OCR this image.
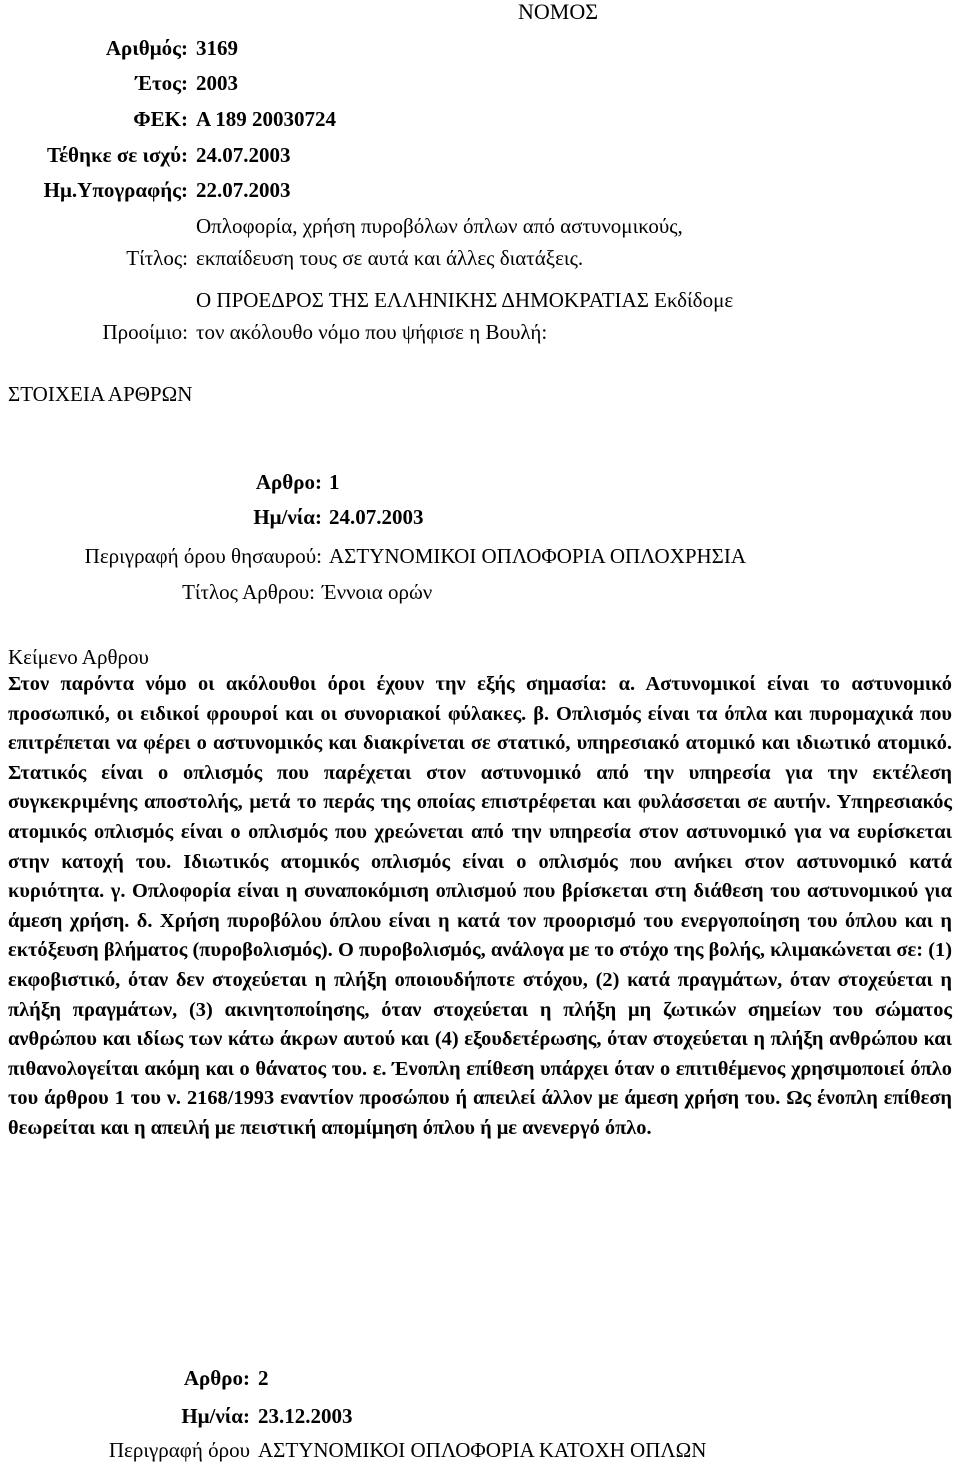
ΝΟΜΟΣ
Αριθμός: 3169
Έτος: 2003
ΦΕΚ: A 189 20030724
Τέθηκε σε ισχύ: 24.07.2003
Ημ.Υπογραφής: 22.07.2003
Οπλοφορία, χρήση πυροβόλων όπλων από αστυνομικούς,
Τίτλος: εκπαίδευση τους σε αυτά και άλλες διατάξεις.
Ο ΠΡΟΕΔΡΟΣ ΤΗΣ ΕΛΛΗΝΙΚΗΣ ΔΗΜΟΚΡΑΤΙΑΣ Εκδίδομε
Προοίμιο: τον ακόλουθο νόμο που ψήφισε η Βουλή:
ΣΤΟΙΧΕΙΑ ΑΡΘΡΩΝ
Αρθρο: 1
Ημ/νία: 24.07.2003
Περιγραφή όρου θησαυρού: ΑΣΤΥΝΟΜΙΚΟΙ ΟΠΛΟΦΟΡΙΑ ΟΠΛΟΧΡΗΣΙΑ
Τίτλος Αρθρου: Έννοια ορών
Κείμενο Αρθρου
Στον παρόντα νόμο οι ακόλουθοι όροι έχουν την εξής σημασία: α. Αστυνομικοί είναι το αστυνομικό προσωπικό, οι ειδικοί φρουροί και οι συνοριακοί φύλακες. β. Οπλισμός είναι τα όπλα και πυρομαχικά που επιτρέπεται να φέρει ο αστυνομικός και διακρίνεται σε στατικό, υπηρεσιακό ατομικό και ιδιωτικό ατομικό. Στατικός είναι ο οπλισμός που παρέχεται στον αστυνομικό από την υπηρεσία για την εκτέλεση συγκεκριμένης αποστολής, μετά το περάς της οποίας επιστρέφεται και φυλάσσεται σε αυτήν. Υπηρεσιακός ατομικός οπλισμός είναι ο οπλισμός που χρεώνεται από την υπηρεσία στον αστυνομικό για να ευρίσκεται στην κατοχή του. Ιδιωτικός ατομικός οπλισμός είναι ο οπλισμός που ανήκει στον αστυνομικό κατά κυριότητα. γ. Οπλοφορία είναι η συναποκόμιση οπλισμού που βρίσκεται στη διάθεση του αστυνομικού για άμεση χρήση. δ. Χρήση πυροβόλου όπλου είναι η κατά τον προορισμό του ενεργοποίηση του όπλου και η εκτόξευση βλήματος (πυροβολισμός). Ο πυροβολισμός, ανάλογα με το στόχο της βολής, κλιμακώνεται σε: (1) εκφοβιστικό, όταν δεν στοχεύεται η πλήξη οποιουδήποτε στόχου, (2) κατά πραγμάτων, όταν στοχεύεται η πλήξη πραγμάτων, (3) ακινητοποίησης, όταν στοχεύεται η πλήξη μη ζωτικών σημείων του σώματος ανθρώπου και ιδίως των κάτω άκρων αυτού και (4) εξουδετέρωσης, όταν στοχεύεται η πλήξη ανθρώπου και πιθανολογείται ακόμη και ο θάνατος του. ε. Ένοπλη επίθεση υπάρχει όταν ο επιτιθέμενος χρησιμοποιεί όπλο του άρθρου 1 του ν. 2168/1993 εναντίον προσώπου ή απειλεί άλλον με άμεση χρήση του. Ως ένοπλη επίθεση θεωρείται και η απειλή με πειστική απομίμηση όπλου ή με ανενεργό όπλο.
Αρθρο: 2
Ημ/νία: 23.12.2003
Περιγραφή όρου ΑΣΤΥΝΟΜΙΚΟΙ ΟΠΛΟΦΟΡΙΑ ΚΑΤΟΧΗ ΟΠΛΩΝ
